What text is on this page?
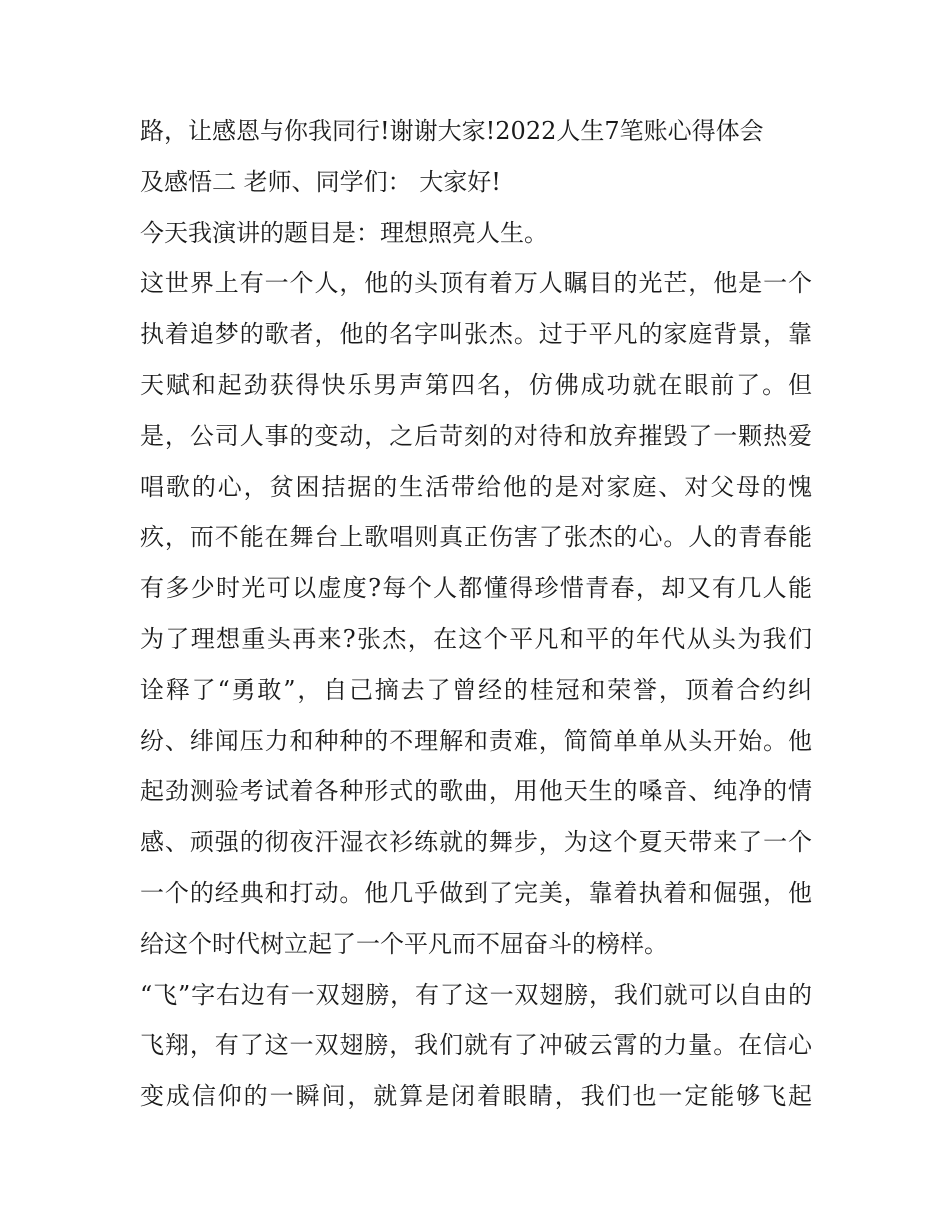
路，让感恩与你我同行!谢谢大家!2022人生7笔账心得体会
及感悟二 老师、同学们： 大家好!
今天我演讲的题目是：理想照亮人生。
这世界上有一个人，他的头顶有着万人瞩目的光芒，他是一个
执着追梦的歌者，他的名字叫张杰。过于平凡的家庭背景，靠
天赋和起劲获得快乐男声第四名，仿佛成功就在眼前了。但
是，公司人事的变动，之后苛刻的对待和放弃摧毁了一颗热爱
唱歌的心，贫困拮据的生活带给他的是对家庭、对父母的愧
疚，而不能在舞台上歌唱则真正伤害了张杰的心。人的青春能
有多少时光可以虚度?每个人都懂得珍惜青春，却又有几人能
为了理想重头再来?张杰，在这个平凡和平的年代从头为我们
诠释了“勇敢”，自己摘去了曾经的桂冠和荣誉，顶着合约纠
纷、绯闻压力和种种的不理解和责难，简简单单从头开始。他
起劲测验考试着各种形式的歌曲，用他天生的嗓音、纯净的情
感、顽强的彻夜汗湿衣衫练就的舞步，为这个夏天带来了一个
一个的经典和打动。他几乎做到了完美，靠着执着和倔强，他
给这个时代树立起了一个平凡而不屈奋斗的榜样。
“飞”字右边有一双翅膀，有了这一双翅膀，我们就可以自由的
飞翔，有了这一双翅膀，我们就有了冲破云霄的力量。在信心
变成信仰的一瞬间，就算是闭着眼睛，我们也一定能够飞起
